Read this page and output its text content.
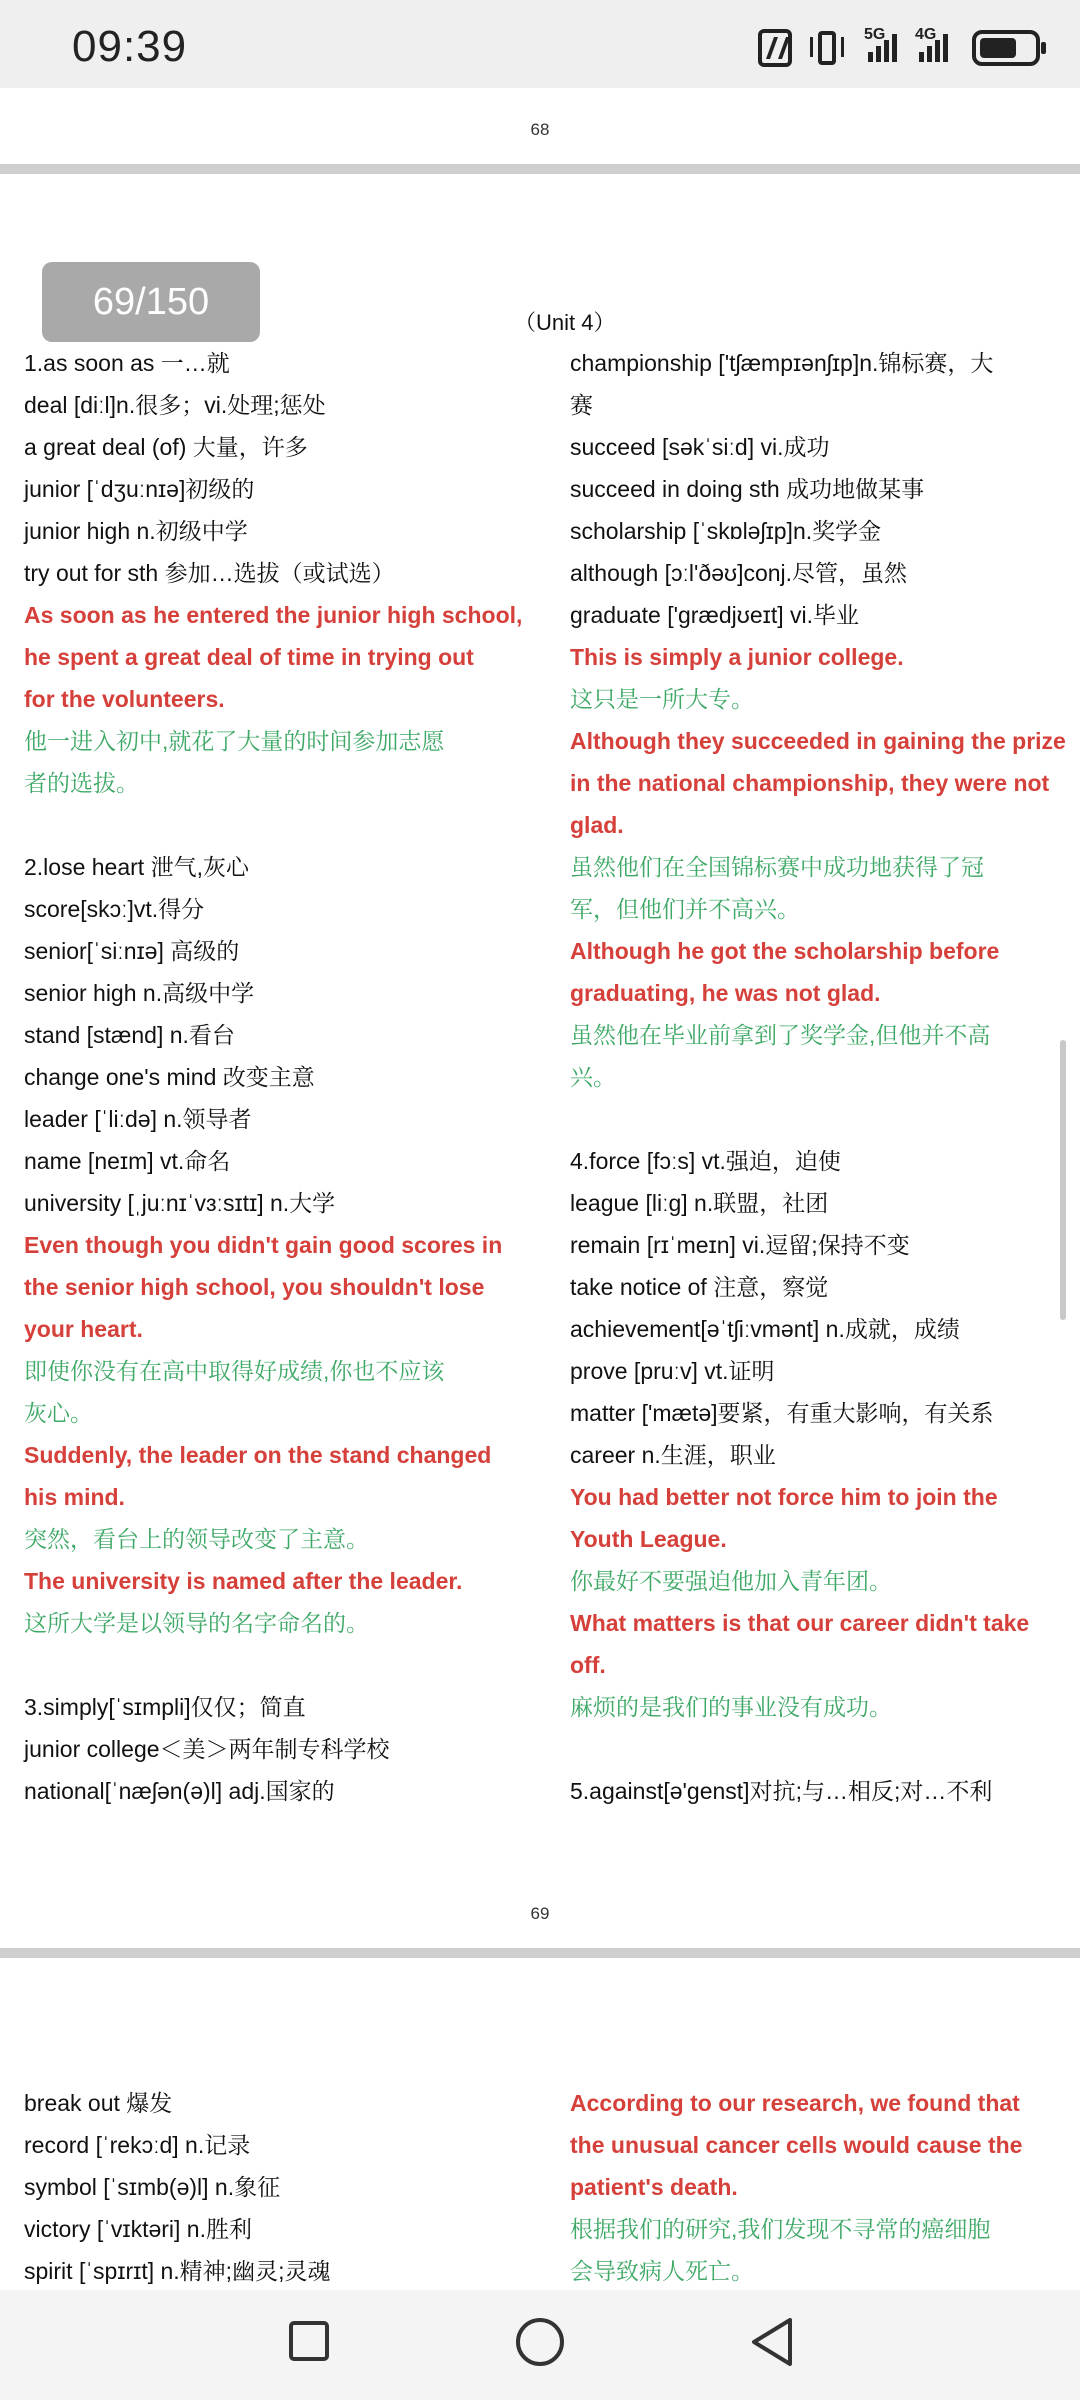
09:39	5G 4G
68
69/150	（Unit 4）
1.as soon as 一…就
deal [diːl]n.很多；vi.处理;惩处
a great deal (of) 大量，许多
junior [ˈdʒuːnɪə]初级的
junior high n.初级中学
try out for sth 参加…选拔（或试选）
As soon as he entered the junior high school,
he spent a great deal of time in trying out
for the volunteers.
他一进入初中,就花了大量的时间参加志愿
者的选拔。
2.lose heart 泄气,灰心
score[skɔː]vt.得分
senior[ˈsiːnɪə] 高级的
senior high n.高级中学
stand [stænd] n.看台
change one's mind 改变主意
leader [ˈliːdə] n.领导者
name [neɪm] vt.命名
university [ˌjuːnɪˈvɜːsɪtɪ] n.大学
Even though you didn't gain good scores in
the senior high school, you shouldn't lose
your heart.
即使你没有在高中取得好成绩,你也不应该
灰心。
Suddenly, the leader on the stand changed
his mind.
突然，看台上的领导改变了主意。
The university is named after the leader.
这所大学是以领导的名字命名的。
3.simply[ˈsɪmpli]仅仅；简直
junior college＜美＞两年制专科学校
national[ˈnæʃən(ə)l] adj.国家的
championship ['tʃæmpɪənʃɪp]n.锦标赛，大
赛
succeed [səkˈsiːd] vi.成功
succeed in doing sth 成功地做某事
scholarship [ˈskɒləʃɪp]n.奖学金
although [ɔːl'ðəʊ]conj.尽管，虽然
graduate ['grædjʊeɪt] vi.毕业
This is simply a junior college.
这只是一所大专。
Although they succeeded in gaining the prize
in the national championship, they were not
glad.
虽然他们在全国锦标赛中成功地获得了冠
军，但他们并不高兴。
Although he got the scholarship before
graduating, he was not glad.
虽然他在毕业前拿到了奖学金,但他并不高
兴。
4.force [fɔːs] vt.强迫，迫使
league [liːg] n.联盟，社团
remain [rɪˈmeɪn] vi.逗留;保持不变
take notice of 注意，察觉
achievement[əˈtʃiːvmənt] n.成就，成绩
prove [pruːv] vt.证明
matter ['mætə]要紧，有重大影响，有关系
career n.生涯，职业
You had better not force him to join the
Youth League.
你最好不要强迫他加入青年团。
What matters is that our career didn't take
off.
麻烦的是我们的事业没有成功。
5.against[ə'genst]对抗;与…相反;对…不利
69
break out 爆发
record [ˈrekɔːd] n.记录
symbol [ˈsɪmb(ə)l] n.象征
victory [ˈvɪktəri] n.胜利
spirit [ˈspɪrɪt] n.精神;幽灵;灵魂
According to our research, we found that
the unusual cancer cells would cause the
patient's death.
根据我们的研究,我们发现不寻常的癌细胞
会导致病人死亡。
